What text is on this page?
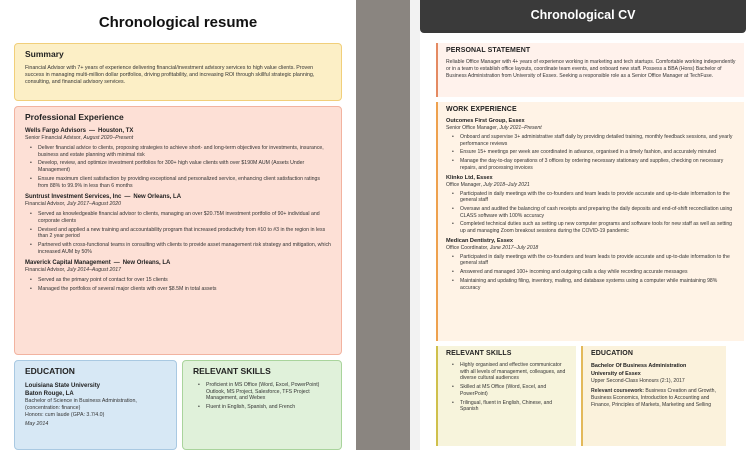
Chronological resume
Summary
Financial Advisor with 7+ years of experience delivering financial/investment advisory services to high value clients. Proven success in managing multi-million dollar portfolios, driving profitability, and increasing ROI through skillful strategic planning, consulting, and financial advisory services.
Professional Experience
Wells Fargo Advisors — Houston, TX
Senior Financial Advisor, August 2020–Present
• Deliver financial advice to clients, proposing strategies to achieve short- and long-term objectives for investments, insurance, business and estate planning with minimal risk
• Develop, review, and optimize investment portfolios for 300+ high value clients with over $190M AUM (Assets Under Management)
• Ensure maximum client satisfaction by providing exceptional and personalized service, enhancing client satisfaction ratings from 88% to 99.9% in less than 6 months
Suntrust Investment Services, Inc — New Orleans, LA
Financial Advisor, July 2017–August 2020
• Served as knowledgeable financial advisor to clients, managing an over $20.75M investment portfolio of 90+ individual and corporate clients
• Devised and applied a new training and accountability program that increased productivity from #10 to #3 in the region in less than 2 year period
• Partnered with cross-functional teams in consulting with clients to provide asset management risk strategy and mitigation, which increased AUM by 50%
Maverick Capital Management — New Orleans, LA
Financial Advisor, July 2014–August 2017
• Served as the primary point of contact for over 15 clients
• Managed the portfolios of several major clients with over $8.5M in total assets
EDUCATION
Louisiana State University
Baton Rouge, LA
Bachelor of Science in Business Administration, (concentration: finance)
Honors: cum laude (GPA: 3.7/4.0)
May 2014
RELEVANT SKILLS
• Proficient in MS Office (Word, Excel, PowerPoint) Outlook, MS Project, Salesforce, TFS Project Management, and Webex
• Fluent in English, Spanish, and French
Chronological CV
PERSONAL STATEMENT
Reliable Office Manager with 4+ years of experience working in marketing and tech startups. Comfortable working independently or in a team to establish office layouts, coordinate team events, and onboard new staff. Possess a BBA (Hons) Bachelor of Business Administration from University of Essex. Seeking a responsible role as a Senior Office Manager at TechFuse.
WORK EXPERIENCE
Outcomes First Group, Essex
Senior Office Manager, July 2021–Present
• Onboard and supervise 3+ administrative staff daily by providing detailed training, monthly feedback sessions, and yearly performance reviews
• Ensure 15+ meetings per week are coordinated in advance, organised in a timely fashion, and accurately minuted
• Manage the day-to-day operations of 3 offices by ordering necessary stationary and supplies, checking on necessary repairs, and processing invoices
Klinko Ltd, Essex
Office Manager, July 2018–July 2021
• Participated in daily meetings with the co-founders and team leads to provide accurate and up-to-date information to the general staff
• Oversaw and audited the balancing of cash receipts and preparing the daily deposits and end-of-shift reconciliation using CLASS software with 100% accuracy
• Completed technical duties such as setting up new computer programs and software tools for new staff as well as setting up and managing Zoom breakout sessions during the COVID-19 pandemic
Medican Dentistry, Essex
Office Coordinator, June 2017–July 2018
• Participated in daily meetings with the co-founders and team leads to provide accurate and up-to-date information to the general staff
• Answered and managed 100+ incoming and outgoing calls a day while recording accurate messages
• Maintaining and updating filing, inventory, mailing, and database systems using a computer while maintaining 98% accuracy
RELEVANT SKILLS
• Highly organised and effective communicator with all levels of management, colleagues, and diverse cultural audiences
• Skilled at MS Office (Word, Excel, and PowerPoint)
• Trilingual, fluent in English, Chinese, and Spanish
EDUCATION
Bachelor Of Business Administration
University of Essex
Upper Second-Class Honours (2:1), 2017
Relevant coursework: Business Creation and Growth, Business Economics, Introduction to Accounting and Finance, Principles of Markets, Marketing and Selling
